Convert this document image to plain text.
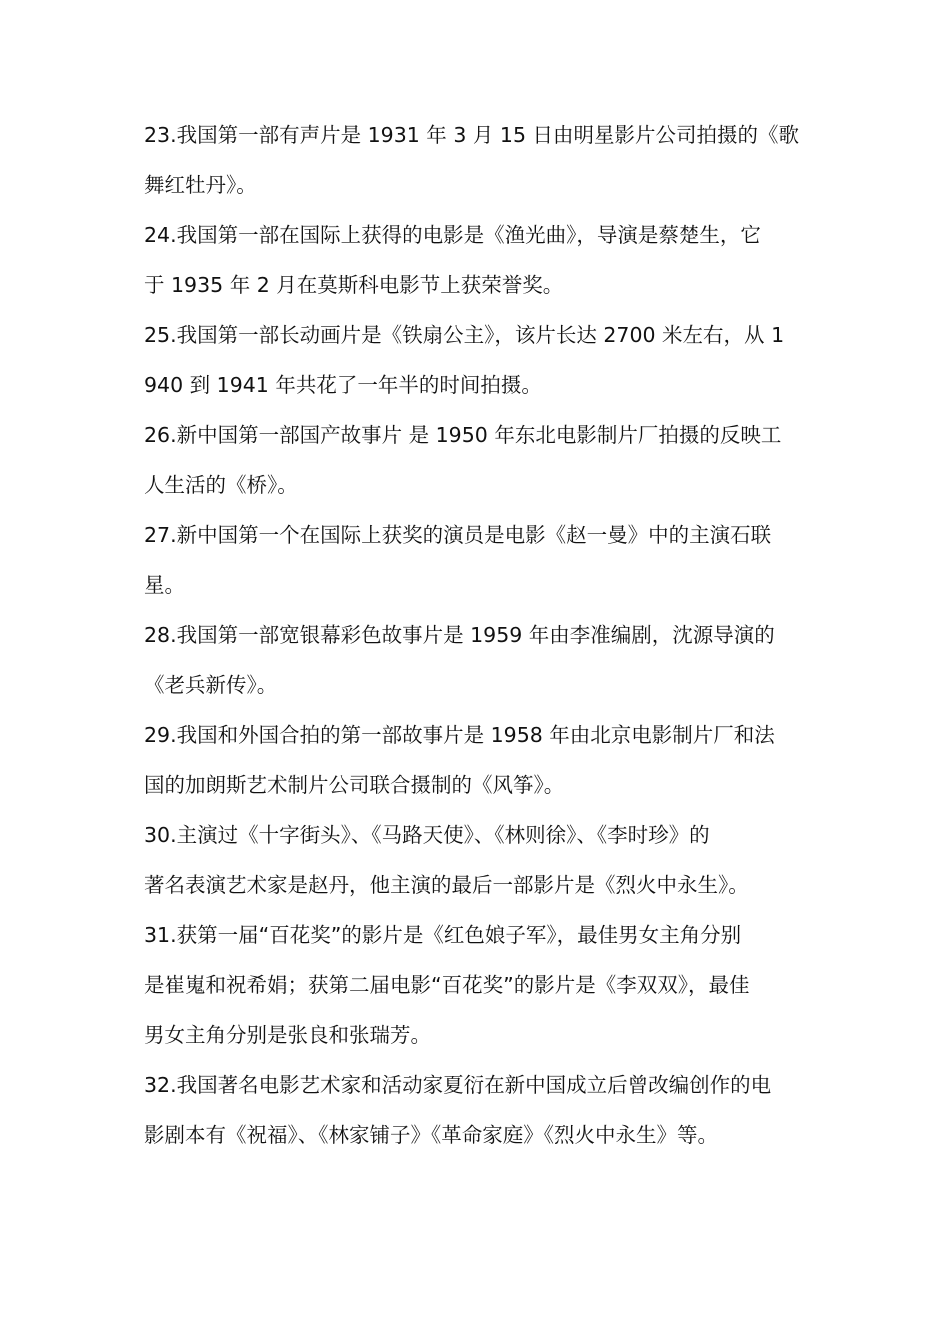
23.我国第一部有声片是 1931 年 3 月 15 日由明星影片公司拍摄的《歌
舞红牡丹》。
24.我国第一部在国际上获得的电影是《渔光曲》，导演是蔡楚生，它
于 1935 年 2 月在莫斯科电影节上获荣誉奖。
25.我国第一部长动画片是《铁扇公主》，该片长达 2700 米左右，从 1
940 到 1941 年共花了一年半的时间拍摄。
26.新中国第一部国产故事片 是 1950 年东北电影制片厂拍摄的反映工
人生活的《桥》。
27.新中国第一个在国际上获奖的演员是电影《赵一曼》中的主演石联
星。
28.我国第一部宽银幕彩色故事片是 1959 年由李准编剧，沈源导演的
《老兵新传》。
29.我国和外国合拍的第一部故事片是 1958 年由北京电影制片厂和法
国的加朗斯艺术制片公司联合摄制的《风筝》。
30.主演过《十字街头》、《马路天使》、《林则徐》、《李时珍》的
著名表演艺术家是赵丹，他主演的最后一部影片是《烈火中永生》。
31.获第一届“百花奖”的影片是《红色娘子军》，最佳男女主角分别
是崔嵬和祝希娟；获第二届电影“百花奖”的影片是《李双双》，最佳
男女主角分别是张良和张瑞芳。
32.我国著名电影艺术家和活动家夏衍在新中国成立后曾改编创作的电
影剧本有《祝福》、《林家铺子》《革命家庭》《烈火中永生》等。
